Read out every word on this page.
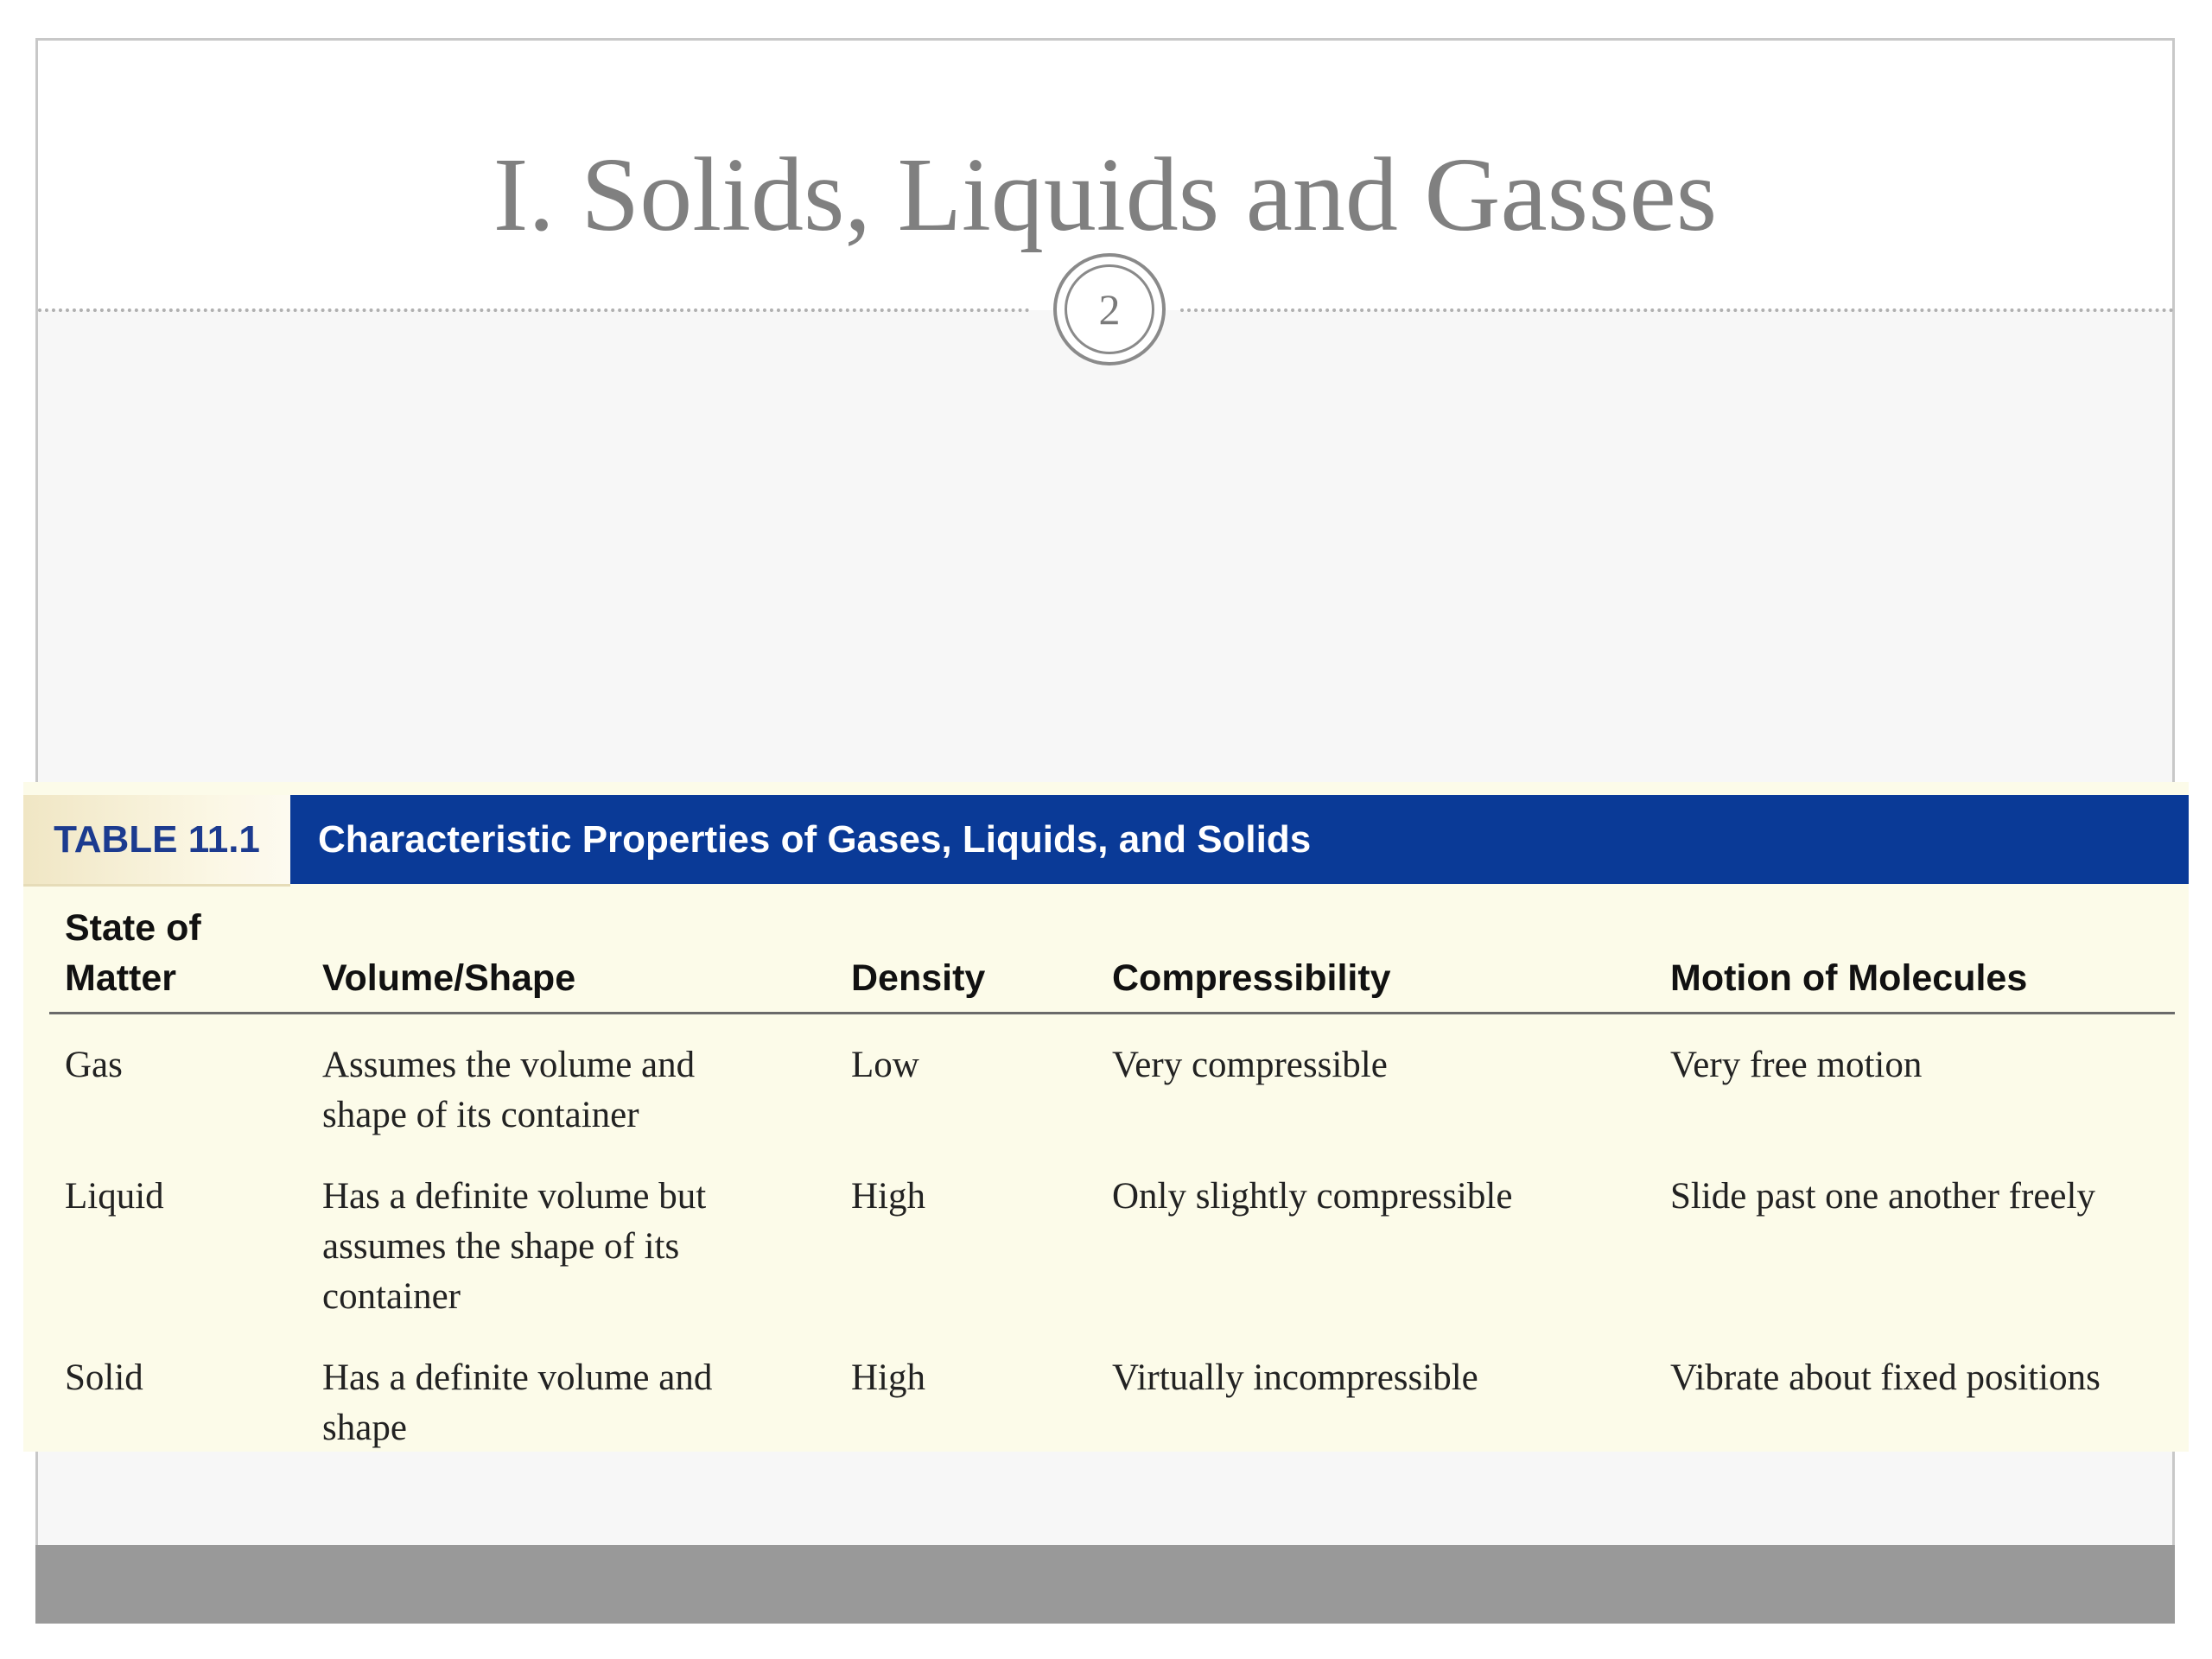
I. Solids, Liquids and Gasses
2
TABLE 11.1	Characteristic Properties of Gases, Liquids, and Solids
State of Matter	Volume/Shape	Density	Compressibility	Motion of Molecules
Gas	Assumes the volume and shape of its container	Low	Very compressible	Very free motion
Liquid	Has a definite volume but assumes the shape of its container	High	Only slightly compressible	Slide past one another freely
Solid	Has a definite volume and shape	High	Virtually incompressible	Vibrate about fixed positions
